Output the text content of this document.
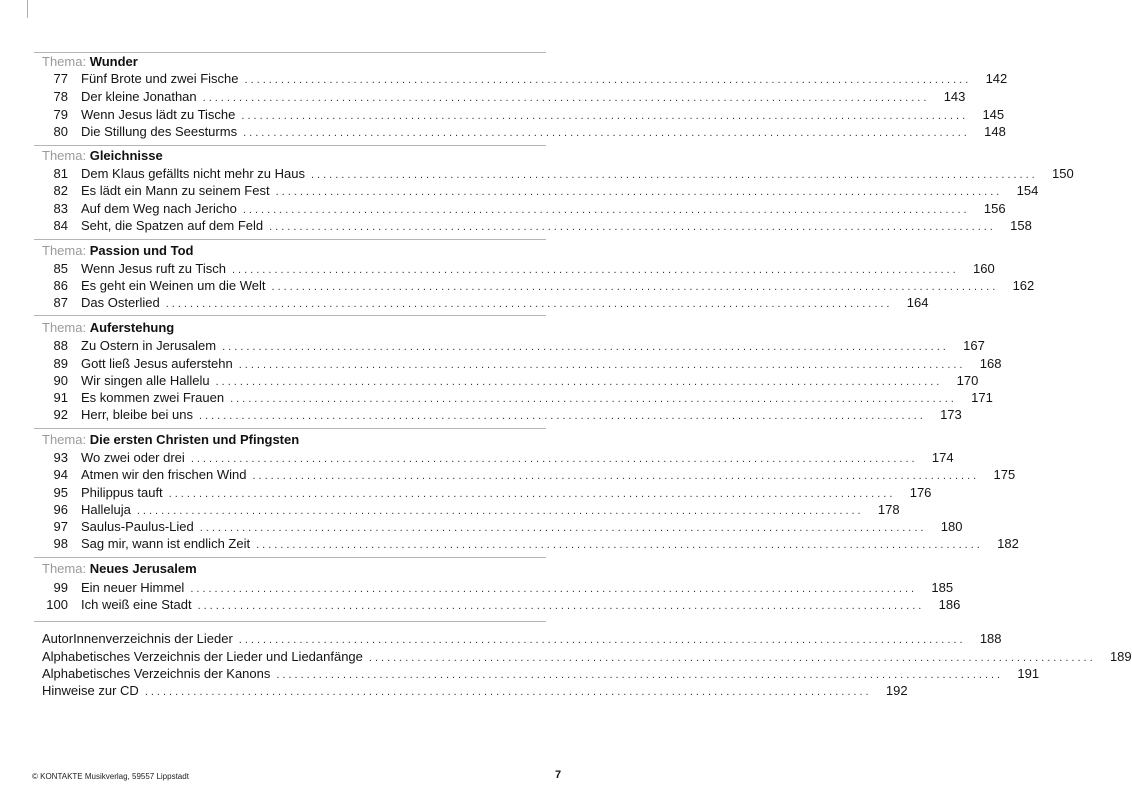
Thema: Wunder
77 Fünf Brote und zwei Fische ........................................................................................................................	142
78 Der kleine Jonathan ........................................................................................................................	143
79 Wenn Jesus lädt zu Tische ........................................................................................................................	145
80 Die Stillung des Seesturms ........................................................................................................................	148
Thema: Gleichnisse
81 Dem Klaus gefällts nicht mehr zu Haus ........................................................................................................................	150
82 Es lädt ein Mann zu seinem Fest ........................................................................................................................	154
83 Auf dem Weg nach Jericho ........................................................................................................................	156
84 Seht, die Spatzen auf dem Feld ........................................................................................................................	158
Thema: Passion und Tod
85 Wenn Jesus ruft zu Tisch ........................................................................................................................	160
86 Es geht ein Weinen um die Welt ........................................................................................................................	162
87 Das Osterlied ........................................................................................................................	164
Thema: Auferstehung
88 Zu Ostern in Jerusalem ........................................................................................................................	167
89 Gott ließ Jesus auferstehn ........................................................................................................................	168
90 Wir singen alle Hallelu ........................................................................................................................	170
91 Es kommen zwei Frauen ........................................................................................................................	171
92 Herr, bleibe bei uns ........................................................................................................................	173
Thema: Die ersten Christen und Pfingsten
93 Wo zwei oder drei ........................................................................................................................	174
94 Atmen wir den frischen Wind ........................................................................................................................	175
95 Philippus tauft ........................................................................................................................	176
96 Halleluja ........................................................................................................................	178
97 Saulus-Paulus-Lied ........................................................................................................................	180
98 Sag mir, wann ist endlich Zeit ........................................................................................................................	182
Thema: Neues Jerusalem
99 Ein neuer Himmel ........................................................................................................................	185
100 Ich weiß eine Stadt ........................................................................................................................	186
AutorInnenverzeichnis der Lieder ........................................................................................................................	188
Alphabetisches Verzeichnis der Lieder und Liedanfänge ........................................................................................................................	189
Alphabetisches Verzeichnis der Kanons ........................................................................................................................	191
Hinweise zur CD ........................................................................................................................	192
© KONTAKTE Musikverlag, 59557 Lippstadt	7
